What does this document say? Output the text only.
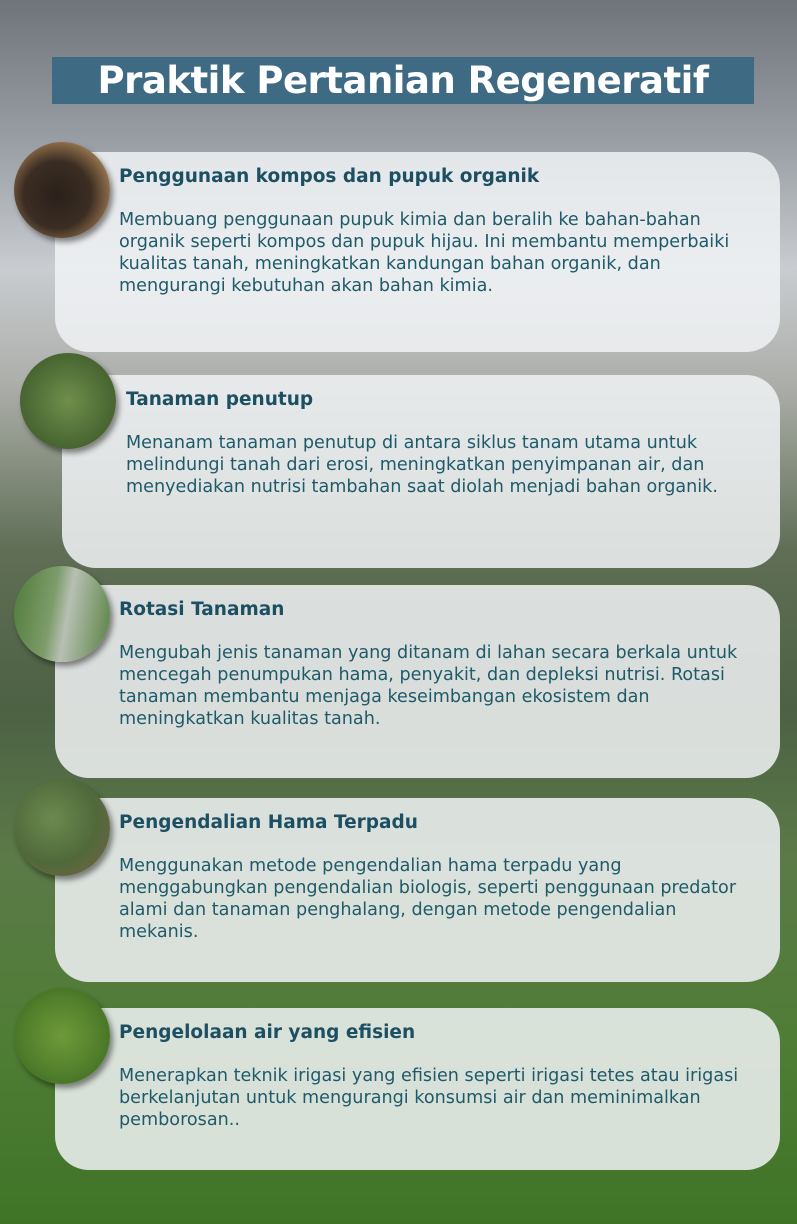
Praktik Pertanian Regeneratif
Penggunaan kompos dan pupuk organik

Membuang penggunaan pupuk kimia dan beralih ke bahan-bahan organik seperti kompos dan pupuk hijau. Ini membantu memperbaiki kualitas tanah, meningkatkan kandungan bahan organik, dan mengurangi kebutuhan akan bahan kimia.

Tanaman penutup

Menanam tanaman penutup di antara siklus tanam utama untuk melindungi tanah dari erosi, meningkatkan penyimpanan air, dan menyediakan nutrisi tambahan saat diolah menjadi bahan organik.

Rotasi Tanaman

Mengubah jenis tanaman yang ditanam di lahan secara berkala untuk mencegah penumpukan hama, penyakit, dan depleksi nutrisi. Rotasi tanaman membantu menjaga keseimbangan ekosistem dan meningkatkan kualitas tanah.

Pengendalian Hama Terpadu

Menggunakan metode pengendalian hama terpadu yang menggabungkan pengendalian biologis, seperti penggunaan predator alami dan tanaman penghalang, dengan metode pengendalian mekanis.

Pengelolaan air yang efisien

Menerapkan teknik irigasi yang efisien seperti irigasi tetes atau irigasi berkelanjutan untuk mengurangi konsumsi air dan meminimalkan pemborosan..
